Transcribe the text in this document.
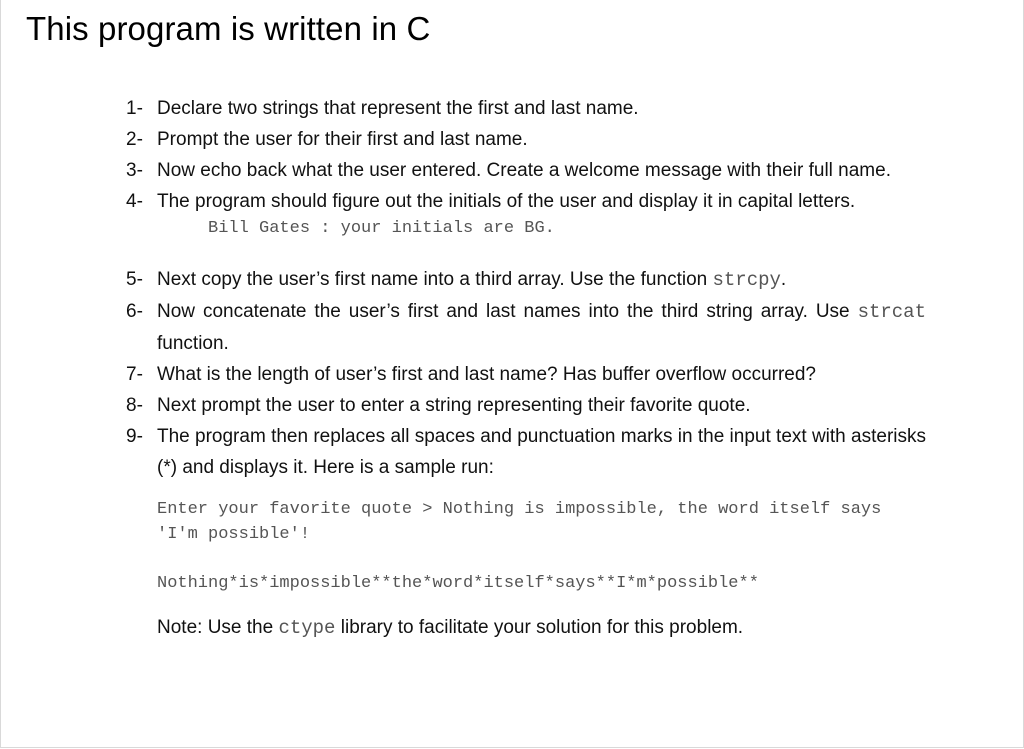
This program is written in C
1- Declare two strings that represent the first and last name.
2- Prompt the user for their first and last name.
3- Now echo back what the user entered. Create a welcome message with their full name.
4- The program should figure out the initials of the user and display it in capital letters.
Bill Gates : your initials are BG.
5- Next copy the user’s first name into a third array. Use the function strcpy.
6- Now concatenate the user’s first and last names into the third string array. Use strcat function.
7- What is the length of user’s first and last name? Has buffer overflow occurred?
8- Next prompt the user to enter a string representing their favorite quote.
9- The program then replaces all spaces and punctuation marks in the input text with asterisks (*) and displays it. Here is a sample run:
Enter your favorite quote > Nothing is impossible, the word itself says 'I'm possible'!
Nothing*is*impossible**the*word*itself*says**I*m*possible**
Note: Use the ctype library to facilitate your solution for this problem.
